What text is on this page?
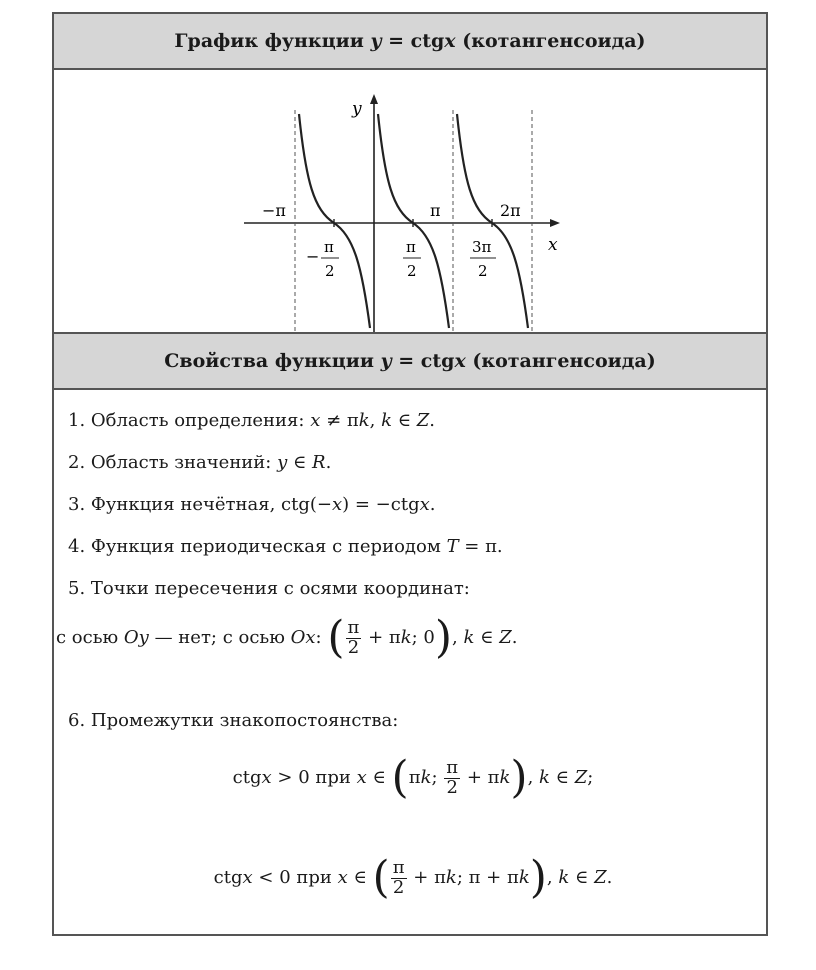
График функции y = ctgx (котангенсоида)
y
x
−π	π	2π
− π
2
π
2
3π
2
Свойства функции y = ctgx (котангенсоида)
1. Область определения: x ≠ πk, k ∈ Z.
2. Область значений: y ∈ R.
3. Функция нечётная, ctg(−x) = −ctgx.
4. Функция периодическая с периодом T = π.
5. Точки пересечения с осями координат:
с осью Oy — нет; с осью Ox: ( $\frac{\pi}{2} + \pi k$; 0), k ∈ Z.
6. Промежутки знакопостоянства:
ctgx > 0 при x ∈ (πk; $\frac{\pi}{2} + \pi k$), k ∈ Z;
ctgx < 0 при x ∈ ( $\frac{\pi}{2} + \pi k$; π + πk), k ∈ Z.
